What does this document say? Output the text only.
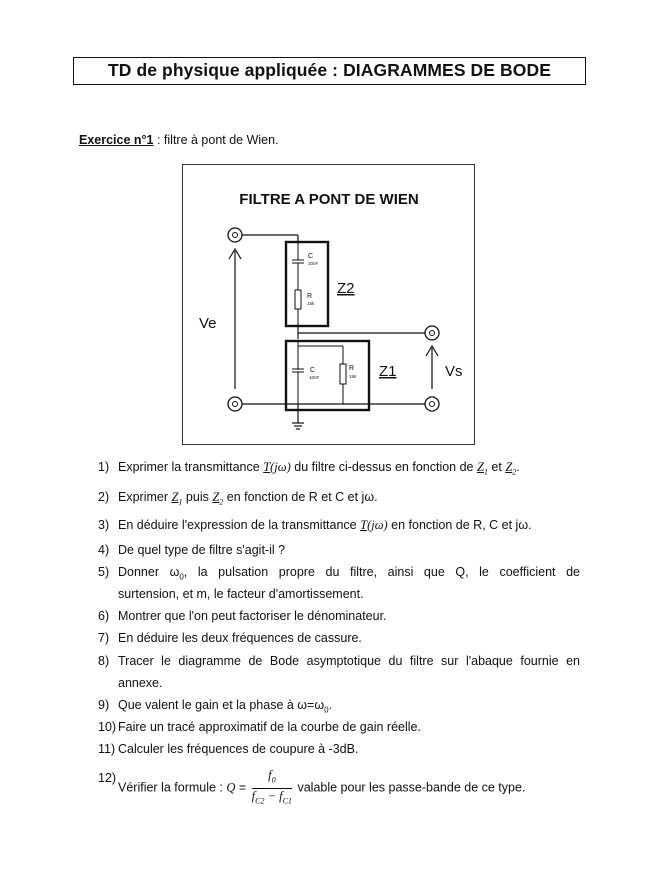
TD de physique appliquée : DIAGRAMMES DE BODE
Exercice n°1 : filtre à pont de Wien.
FILTRE A PONT DE WIEN
Ve
Vs
C
10nF
R
15k
Z2
C
10nF
R
15k Z1
1) Exprimer la transmittance T(jω) du filtre ci-dessus en fonction de $Z_1$ et $Z_2$.
2) Exprimer $Z_1$ puis $Z_2$ en fonction de R et C et jω.
3) En déduire l'expression de la transmittance T(jω) en fonction de R, C et jω.
4) De quel type de filtre s'agit-il ?
5) Donner $\omega_0$, la pulsation propre du filtre, ainsi que Q, le coefficient de
surtension, et m, le facteur d'amortissement.
6) Montrer que l'on peut factoriser le dénominateur.
7) En déduire les deux fréquences de cassure.
8) Tracer le diagramme de Bode asymptotique du filtre sur l'abaque fournie en
annexe.
9) Que valent le gain et la phase à $\omega=\omega_0$.
10) Faire un tracé approximatif de la courbe de gain réelle.
11) Calculer les fréquences de coupure à -3dB.
12)
Vérifier la formule : $Q = \frac{f_0}{f_{C2} - f_{C1}}$ valable pour les passe-bande de ce type.
